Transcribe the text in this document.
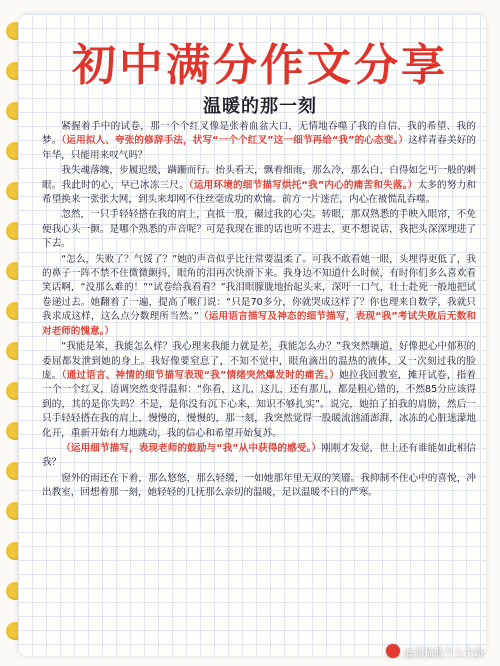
初中满分作文分享
温暖的那一刻

紧握着手中的试卷，那一个个红叉像是张着血盆大口，无情地吞噬了我的自信、我的希望、我的梦。（运用拟人、夸张的修辞手法，状写“一个个红叉”这一细节再给“我”的心态变。）这样青春美好的年华，只能用来叹气吗？

我失魂落魄，步履迟缓，蹒跚而行。抬头看天，飘着细雨，那么冷，那么白，白得如乞丐一般的刺眼。我此时的心，早已冰冻三尺。（运用环境的细节描写烘托“我”内心的痛苦和失落。）太多的努力和希望换来一张张大网，到头来却网不住丝毫成功的欢愉。前方一片迷茫，内心在被慌乱吞噬。

忽然，一只手轻轻搭在我的肩上，直抵一股，碾过我的心尖。转眼，那双熟悉的手映入眼帘，不免便我心头一颤。是哪个熟悉的声音呢？可是我现在谁的话也听不进去，更不想说话，我把头深深埋进了下去。

“怎么，失败了？气馁了？”她的声音似乎比往常要温柔了。可我不敢看她一眼，头埋得更低了，我的鼻子一阵不禁不住微微颤抖，眼角的泪再次快滑下来。我身边不知道什么时候，有时你们多么喜欢看笑话啊，“没那么难的！”“试卷给我看看？”我泪眼朦胧地抬起头来，深吁一口气，壮士赴死一般地把试卷递过去。她翻着了一遍，提高了喉门说：“只是70多分，你就哭成这样了？你也理来自数学，我就只我求成这样，这么点分数理所当然。”（运用语言描写及神态的细节描写，表现“我”考试失败后无数和对老师的愧意。）

“我能是笨，我能怎么样？我心理来我能力就是差，我能怎么办？”我突然嚷道，好像把心中郁积的委屈都发泄到她的身上。我好像要窒息了，不知不觉中，眼角滴出的温热的液体，又一次刻过我的脸庞。（通过语言、神情的细节描写表现“我”情绪突然爆发时的痛苦。）她拉我回教室，摊开试卷，指着一个一个红叉，语调突然变得温和：“你看，这儿，这儿，还有那儿，都是粗心错的，不然85分应该得到的，其的是你失吗？不是，是你没有沉下心来，知识不够扎实”。说完，她拍了拍我的肩膀，然后一只手轻轻搭在我的肩上，慢慢的，慢慢的，那一刻，我突然觉得一股暖流汹涌澎湃，冰冻的心脏迷濛地化开，重新开始有力地跳动，我的信心和希望开始复苏。

（运用细节描写，表现老师的鼓励与“我”从中获得的感受。）刚刚才发觉，世上还有谁能如此相信我？

窗外的雨还在下着，那么悠悠，那么轻缓，一如她那年里无双的笑靥。我抑制不住心中的喜悦，冲出教室，回想着那一刻，她轻轻的几抚那么亲切的温暖，足以温暖不日的严寒。

@蓝猫蓝个人生路
